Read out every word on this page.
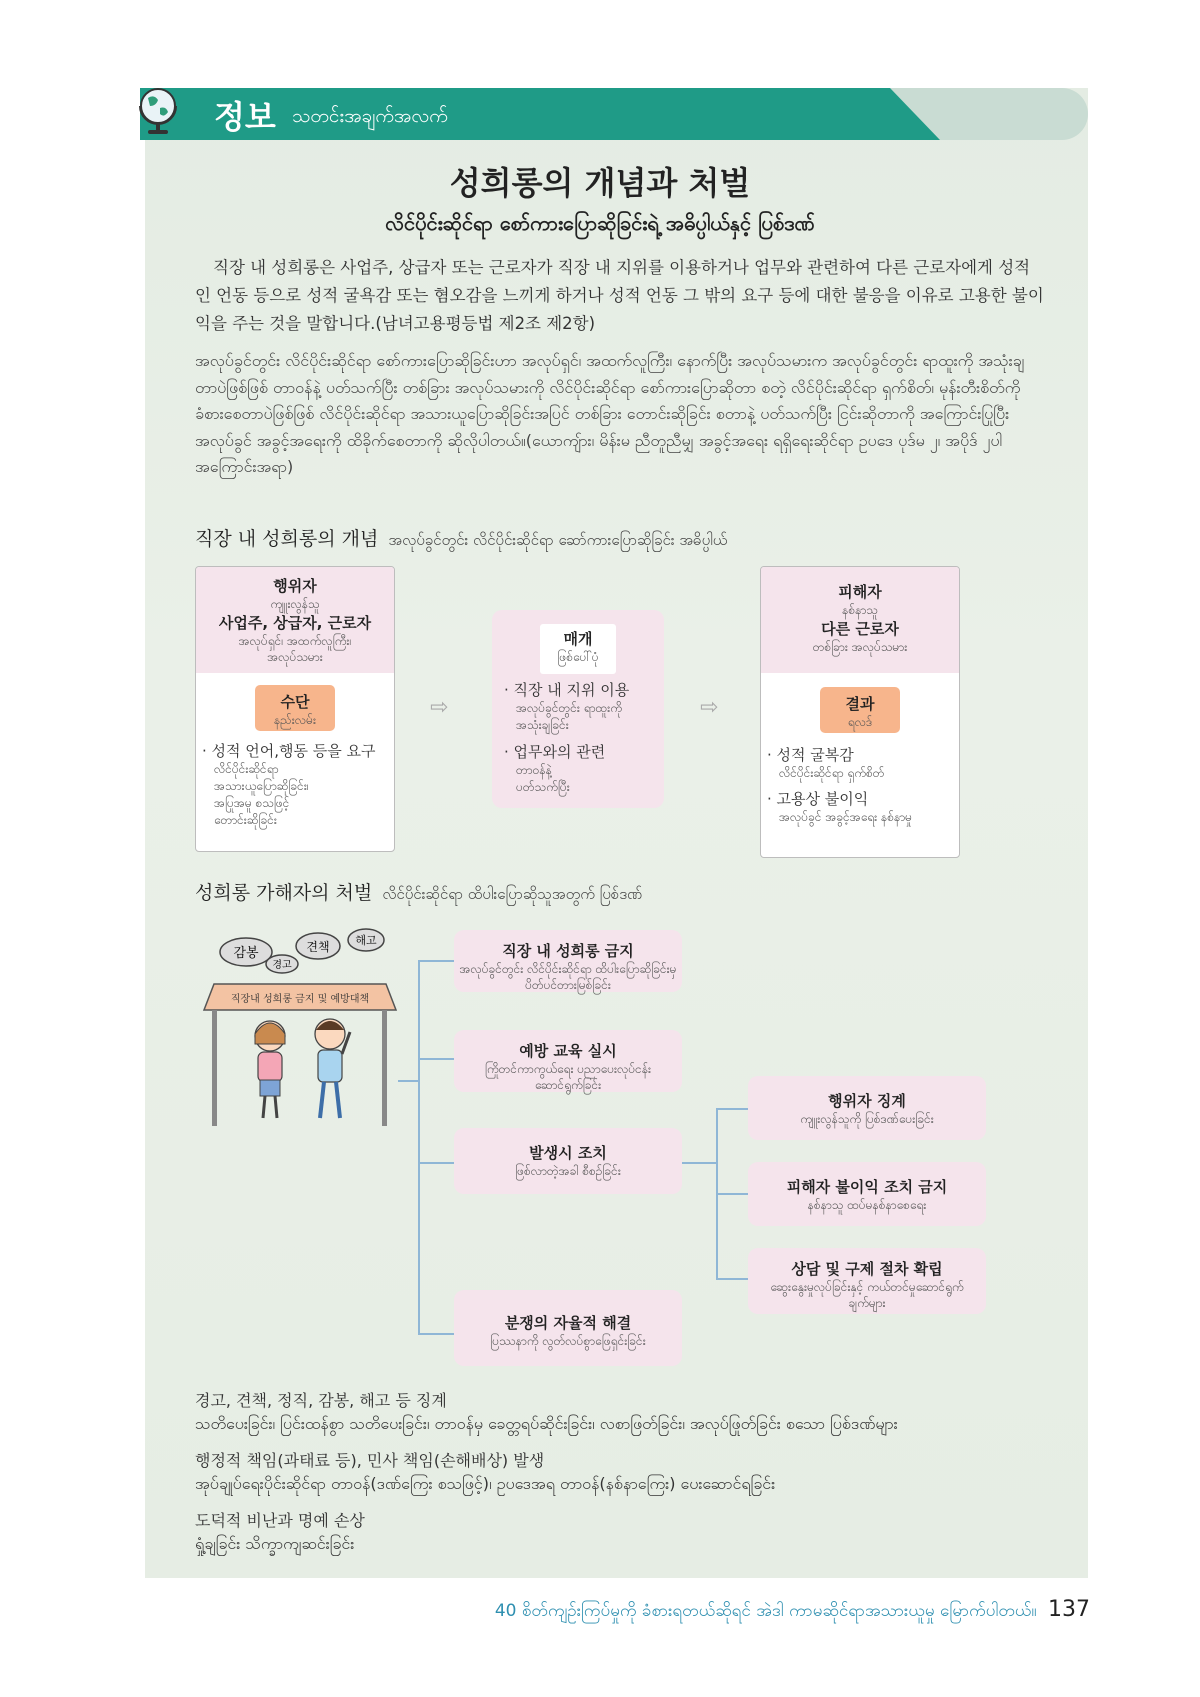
정보 သတင်းအချက်အလက်
성희롱의 개념과 처벌
လိင်ပိုင်းဆိုင်ရာ စော်ကားပြောဆိုခြင်းရဲ့ အဓိပ္ပါယ်နှင့် ပြစ်ဒဏ်
직장 내 성희롱은 사업주, 상급자 또는 근로자가 직장 내 지위를 이용하거나 업무와 관련하여 다른 근로자에게 성적인 언동 등으로 성적 굴욕감 또는 혐오감을 느끼게 하거나 성적 언동 그 밖의 요구 등에 대한 불응을 이유로 고용한 불이익을 주는 것을 말합니다.(남녀고용평등법 제2조 제2항)
အလုပ်ခွင်တွင်း လိင်ပိုင်းဆိုင်ရာ စော်ကားပြောဆိုခြင်းဟာ အလုပ်ရှင်၊ အထက်လူကြီး၊ နောက်ပြီး အလုပ်သမားက အလုပ်ခွင်တွင်း ရာထူးကို အသုံးချတာပဲဖြစ်ဖြစ် တာဝန်နဲ့ ပတ်သက်ပြီး တစ်ခြား အလုပ်သမားကို လိင်ပိုင်းဆိုင်ရာ စော်ကားပြောဆိုတာ စတဲ့ လိင်ပိုင်းဆိုင်ရာ ရှက်စိတ်၊ မုန်းတီးစိတ်ကို ခံစားစေတာပဲဖြစ်ဖြစ် လိင်ပိုင်းဆိုင်ရာ အသားယူပြောဆိုခြင်းအပြင် တစ်ခြား တောင်းဆိုခြင်း စတာနဲ့ ပတ်သက်ပြီး ငြင်းဆိုတာကို အကြောင်းပြုပြီး အလုပ်ခွင် အခွင့်အရေးကို ထိခိုက်စေတာကို ဆိုလိုပါတယ်။(ယောကျ်ား၊ မိန်းမ ညီတူညီမျှ အခွင့်အရေး ရရှိရေးဆိုင်ရာ ဥပဒေ ပုဒ်မ ၂၊ အပိုဒ် ၂ပါ အကြောင်းအရာ)
직장 내 성희롱의 개념 အလုပ်ခွင်တွင်း လိင်ပိုင်းဆိုင်ရာ ဆော်ကားပြောဆိုခြင်း အဓိပ္ပါယ်
행위자
ကျူးလွန်သူ
사업주, 상급자, 근로자
အလုပ်ရှင်၊ အထက်လူကြီး၊ အလုပ်သမား
수단
နည်းလမ်း
· 성적 언어,행동 등을 요구
လိင်ပိုင်းဆိုင်ရာ အသားယူပြောဆိုခြင်း၊ အပြုအမူ စသဖြင့် တောင်းဆိုခြင်း
⇨
매개
ဖြစ်ပေါ်ပုံ
· 직장 내 지위 이용
အလုပ်ခွင်တွင်း ရာထူးကို အသုံးချခြင်း
· 업무와의 관련
တာဝန်နဲ့ ပတ်သက်ပြီး
⇨
피해자
နစ်နာသူ
다른 근로자
တစ်ခြား အလုပ်သမား
결과
ရလဒ်
· 성적 굴복감
လိင်ပိုင်းဆိုင်ရာ ရှက်စိတ်
· 고용상 불이익
အလုပ်ခွင် အခွင့်အရေး နစ်နာမှု
성희롱 가해자의 처벌 လိင်ပိုင်းဆိုင်ရာ ထိပါးပြောဆိုသူအတွက် ပြစ်ဒဏ်
감봉	견책 해고
경고
직장내 성희롱 금지 및 예방대책
직장 내 성희롱 금지
အလုပ်ခွင်တွင်း လိင်ပိုင်းဆိုင်ရာ ထိပါးပြောဆိုခြင်းမှ ပိတ်ပင်တားမြစ်ခြင်း
예방 교육 실시
ကြိုတင်ကာကွယ်ရေး ပညာပေးလုပ်ငန်းဆောင်ရွက်ခြင်း
발생시 조치
ဖြစ်လာတဲ့အခါ စီစဉ်ခြင်း
분쟁의 자율적 해결
ပြဿနာကို လွတ်လပ်စွာဖြေရှင်းခြင်း
행위자 징계
ကျူးလွန်သူကို ပြစ်ဒဏ်ပေးခြင်း
피해자 불이익 조치 금지
နစ်နာသူ ထပ်မနစ်နာစေရေး
상담 및 구제 절차 확립
ဆွေးနွေးမှုလုပ်ခြင်းနှင့် ကယ်တင်မှုဆောင်ရွက်ချက်များ
경고, 견책, 정직, 감봉, 해고 등 징계
သတိပေးခြင်း၊ ပြင်းထန်စွာ သတိပေးခြင်း၊ တာဝန်မှ ခေတ္တရပ်ဆိုင်းခြင်း၊ လစာဖြတ်ခြင်း၊ အလုပ်ဖြုတ်ခြင်း စသော ပြစ်ဒဏ်များ
행정적 책임(과태료 등), 민사 책임(손해배상) 발생
အုပ်ချုပ်ရေးပိုင်းဆိုင်ရာ တာဝန်(ဒဏ်ကြေး စသဖြင့်)၊ ဥပဒေအရ တာဝန်(နစ်နာကြေး) ပေးဆောင်ရခြင်း
도덕적 비난과 명예 손상
ရှုံ့ချခြင်း သိက္ခာကျဆင်းခြင်း
40 စိတ်ကျဉ်းကြပ်မှုကို ခံစားရတယ်ဆိုရင် အဲဒါ ကာမဆိုင်ရာအသားယူမှု မြောက်ပါတယ်။ 137
